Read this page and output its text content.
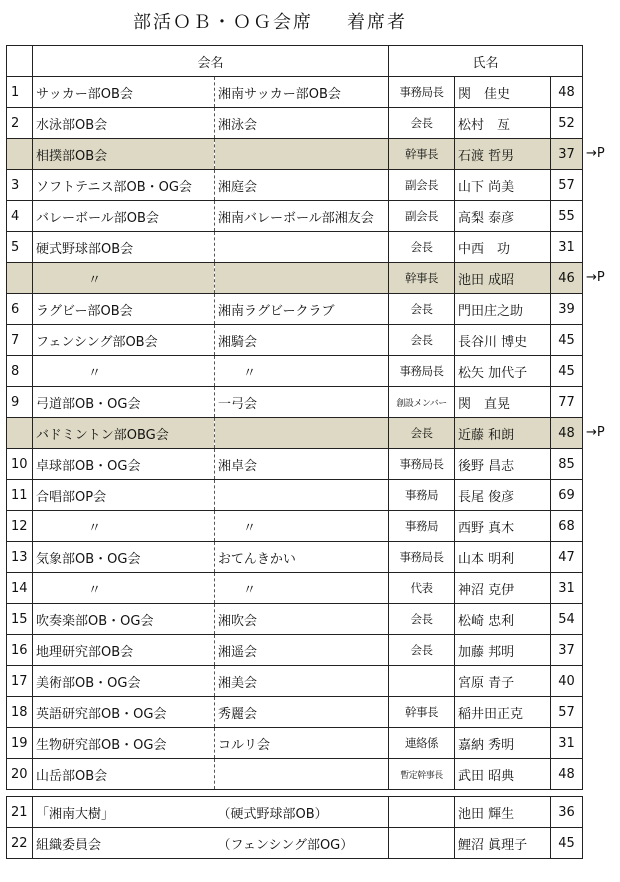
部活ＯＢ・ＯＧ会席 着席者
	会名		氏名		
1	サッカー部OB会	湘南サッカー部OB会	事務局長	関　佳史	48
2	水泳部OB会	湘泳会	会長	松村　亙	52
	相撲部OB会		幹事長	石渡 哲男	37
3	ソフトテニス部OB・OG会	湘庭会	副会長	山下 尚美	57
4	バレーボール部OB会	湘南バレーボール部湘友会	副会長	高梨 泰彦	55
5	硬式野球部OB会		会長	中西　功	31
	〃		幹事長	池田 成昭	46
6	ラグビー部OB会	湘南ラグビークラブ	会長	門田庄之助	39
7	フェンシング部OB会	湘騎会	会長	長谷川 博史	45
8	〃	〃	事務局長	松矢 加代子	45
9	弓道部OB・OG会	一弓会	創設メンバー	関　直晃	77
	バドミントン部OBG会		会長	近藤 和朗	48
10	卓球部OB・OG会	湘卓会	事務局長	後野 昌志	85
11	合唱部OP会		事務局	長尾 俊彦	69
12	〃	〃	事務局	西野 真木	68
13	気象部OB・OG会	おてんきかい	事務局長	山本 明利	47
14	〃	〃	代表	神沼 克伊	31
15	吹奏楽部OB・OG会	湘吹会	会長	松崎 忠利	54
16	地理研究部OB会	湘遥会	会長	加藤 邦明	37
17	美術部OB・OG会	湘美会		宮原 青子	40
18	英語研究部OB・OG会	秀麗会	幹事長	稲井田正克	57
19	生物研究部OB・OG会	コルリ会	連絡係	嘉納 秀明	31
20	山岳部OB会		暫定幹事長	武田 昭典	48

21	「湘南大樹」	（硬式野球部OB）		池田 輝生	36
22	組織委員会	（フェンシング部OG）		鯉沼 眞理子	45
→P
→P
→P
